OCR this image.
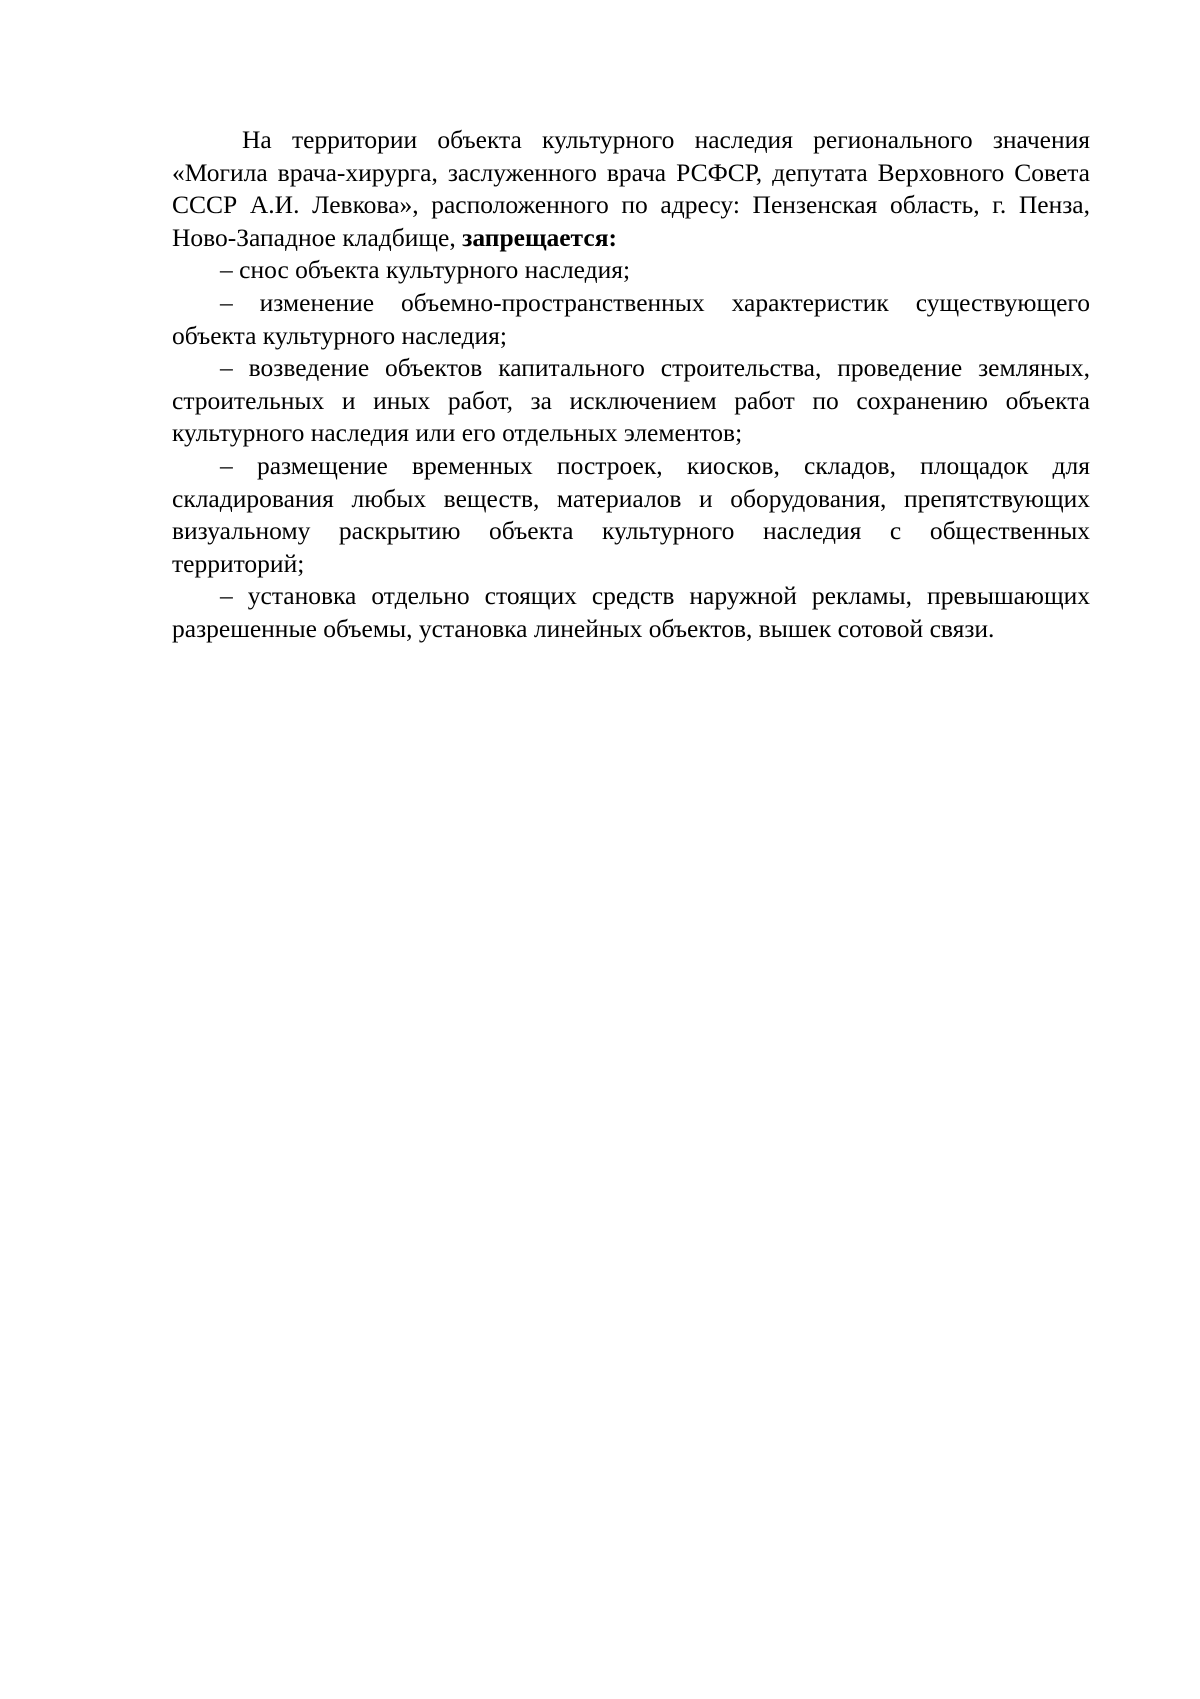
На территории объекта культурного наследия регионального значения «Могила врача-хирурга, заслуженного врача РСФСР, депутата Верховного Совета СССР А.И. Левкова», расположенного по адресу: Пензенская область, г. Пенза, Ново-Западное кладбище, запрещается:

– снос объекта культурного наследия;

– изменение объемно-пространственных характеристик существующего объекта культурного наследия;

– возведение объектов капитального строительства, проведение земляных, строительных и иных работ, за исключением работ по сохранению объекта культурного наследия или его отдельных элементов;

– размещение временных построек, киосков, складов, площадок для складирования любых веществ, материалов и оборудования, препятствующих визуальному раскрытию объекта культурного наследия с общественных территорий;

– установка отдельно стоящих средств наружной рекламы, превышающих разрешенные объемы, установка линейных объектов, вышек сотовой связи.
